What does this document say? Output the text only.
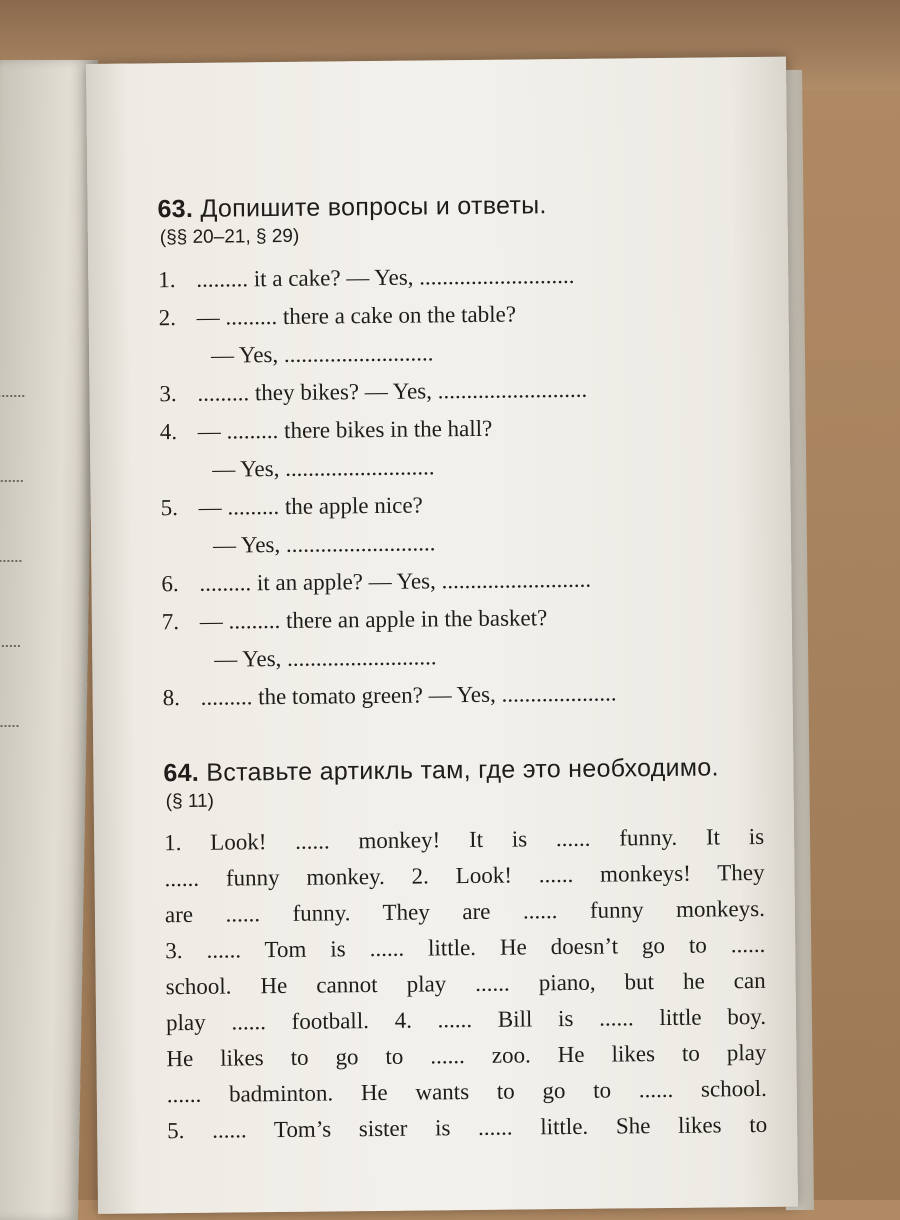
63. Допишите вопросы и ответы.

(§§ 20–21, § 29)

1. ......... it a cake? — Yes, ...........................
2. — ......... there a cake on the table?
— Yes, ..........................
3. ......... they bikes? — Yes, ..........................
4. — ......... there bikes in the hall?
— Yes, ..........................
5. — ......... the apple nice?
— Yes, ..........................
6. ......... it an apple? — Yes, ..........................
7. — ......... there an apple in the basket?
— Yes, ..........................
8. ......... the tomato green? — Yes, ....................

64. Вставьте артикль там, где это необходимо.

(§ 11)

1. Look! ...... monkey! It is ...... funny. It is

...... funny monkey. 2. Look! ...... monkeys! They

are ...... funny. They are ...... funny monkeys.

3. ...... Tom is ...... little. He doesn’t go to ......

school. He cannot play ...... piano, but he can

play ...... football. 4. ...... Bill is ...... little boy.

He likes to go to ...... zoo. He likes to play

...... badminton. He wants to go to ...... school.

5. ...... Tom’s sister is ...... little. She likes to
